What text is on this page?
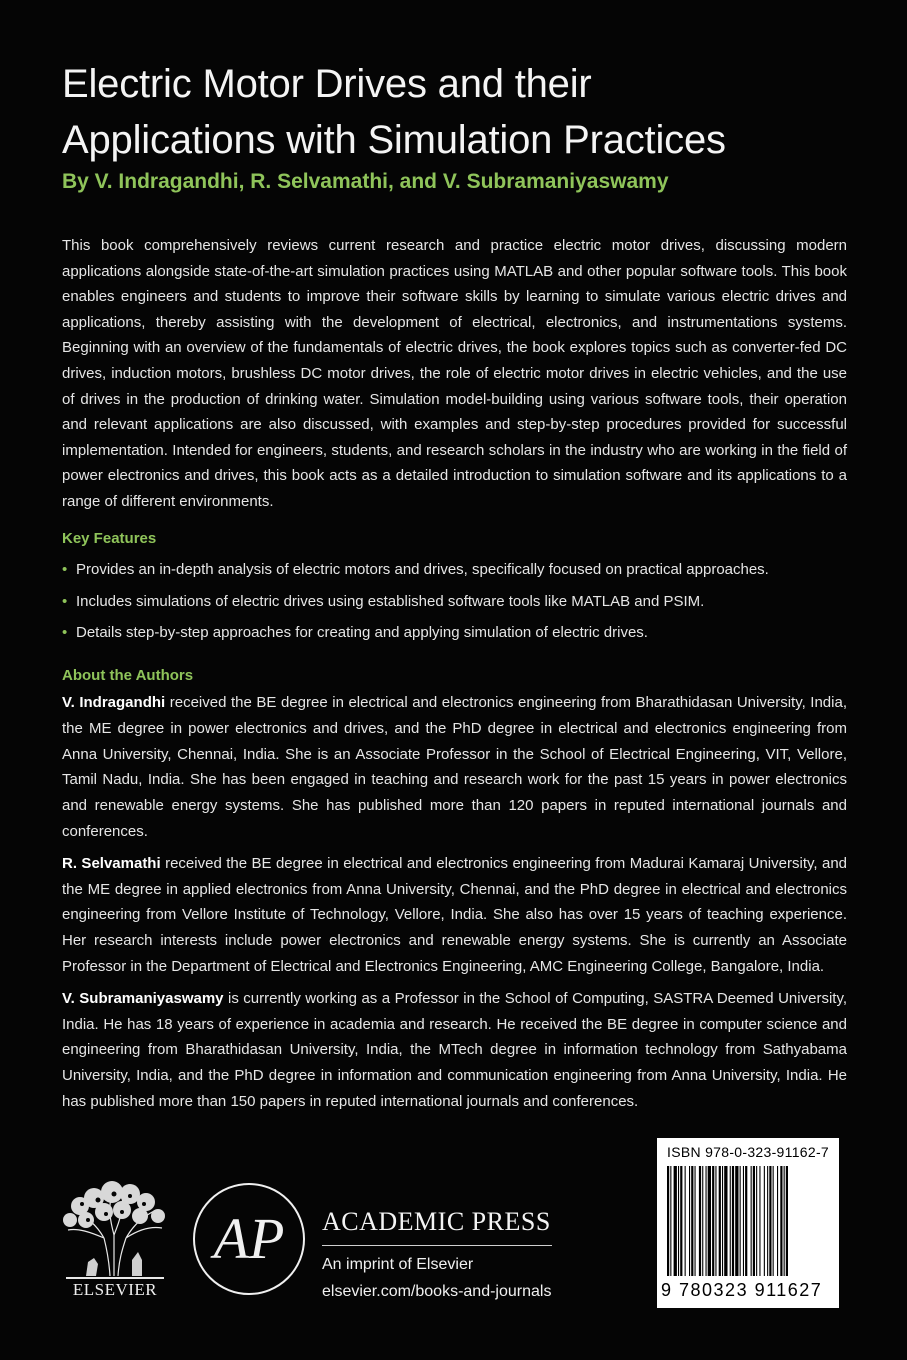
Electric Motor Drives and their
Applications with Simulation Practices

By V. Indragandhi, R. Selvamathi, and V. Subramaniyaswamy

This book comprehensively reviews current research and practice electric motor drives, discussing modern applications alongside state-of-the-art simulation practices using MATLAB and other popular software tools. This book enables engineers and students to improve their software skills by learning to simulate various electric drives and applications, thereby assisting with the development of electrical, electronics, and instrumentations systems. Beginning with an overview of the fundamentals of electric drives, the book explores topics such as converter-fed DC drives, induction motors, brushless DC motor drives, the role of electric motor drives in electric vehicles, and the use of drives in the production of drinking water. Simulation model-building using various software tools, their operation and relevant applications are also discussed, with examples and step-by-step procedures provided for successful implementation. Intended for engineers, students, and research scholars in the industry who are working in the field of power electronics and drives, this book acts as a detailed introduction to simulation software and its applications to a range of different environments.

Key Features
• Provides an in-depth analysis of electric motors and drives, specifically focused on practical approaches.
• Includes simulations of electric drives using established software tools like MATLAB and PSIM.
• Details step-by-step approaches for creating and applying simulation of electric drives.
About the Authors

V. Indragandhi received the BE degree in electrical and electronics engineering from Bharathidasan University, India, the ME degree in power electronics and drives, and the PhD degree in electrical and electronics engineering from Anna University, Chennai, India. She is an Associate Professor in the School of Electrical Engineering, VIT, Vellore, Tamil Nadu, India. She has been engaged in teaching and research work for the past 15 years in power electronics and renewable energy systems. She has published more than 120 papers in reputed international journals and conferences.

R. Selvamathi received the BE degree in electrical and electronics engineering from Madurai Kamaraj University, and the ME degree in applied electronics from Anna University, Chennai, and the PhD degree in electrical and electronics engineering from Vellore Institute of Technology, Vellore, India. She also has over 15 years of teaching experience. Her research interests include power electronics and renewable energy systems. She is currently an Associate Professor in the Department of Electrical and Electronics Engineering, AMC Engineering College, Bangalore, India.

V. Subramaniyaswamy is currently working as a Professor in the School of Computing, SASTRA Deemed University, India. He has 18 years of experience in academia and research. He received the BE degree in computer science and engineering from Bharathidasan University, India, the MTech degree in information technology from Sathyabama University, India, and the PhD degree in information and communication engineering from Anna University, India. He has published more than 150 papers in reputed international journals and conferences.

ELSEVIER
AP ACADEMIC PRESS
An imprint of Elsevier
elsevier.com/books-and-journals
ISBN 978-0-323-91162-7
9 780323 911627
